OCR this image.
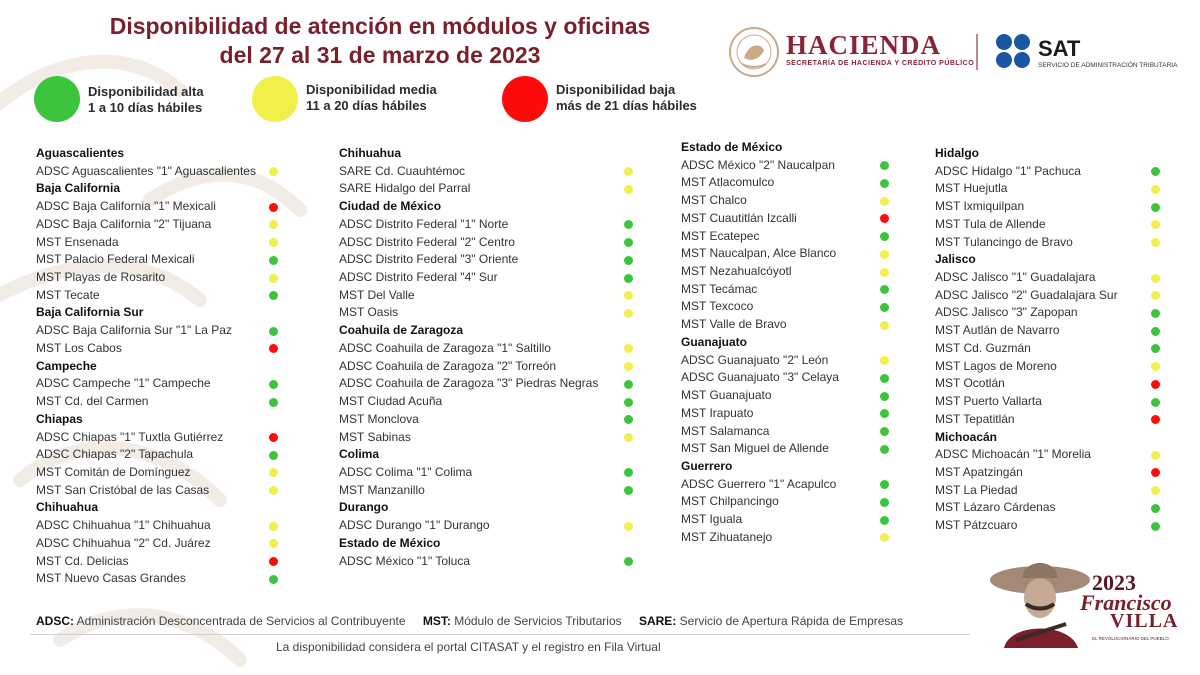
Disponibilidad de atención en módulos y oficinas
del 27 al 31 de marzo de 2023	HACIENDA
SECRETARÍA DE HACIENDA Y CRÉDITO PÚBLICO
SAT
SERVICIO DE ADMINISTRACIÓN TRIBUTARIA
Disponibilidad alta
1 a 10 días hábiles
Disponibilidad media
11 a 20 días hábiles
Disponibilidad baja
más de 21 días hábiles
Aguascalientes
ADSC Aguascalientes "1" Aguascalientes
Baja California
ADSC Baja California "1" Mexicali
ADSC Baja California "2" Tijuana
MST Ensenada
MST Palacio Federal Mexicali
MST Playas de Rosarito
MST Tecate
Baja California Sur
ADSC Baja California Sur "1" La Paz
MST Los Cabos
Campeche
ADSC Campeche "1" Campeche
MST Cd. del Carmen
Chiapas
ADSC Chiapas "1" Tuxtla Gutiérrez
ADSC Chiapas "2" Tapachula
MST Comitán de Domínguez
MST San Cristóbal de las Casas
Chihuahua
ADSC Chihuahua "1" Chihuahua
ADSC Chihuahua "2" Cd. Juárez
MST Cd. Delicias
MST Nuevo Casas Grandes
Chihuahua
SARE Cd. Cuauhtémoc
SARE Hidalgo del Parral
Ciudad de México
ADSC Distrito Federal "1" Norte
ADSC Distrito Federal "2" Centro
ADSC Distrito Federal "3" Oriente
ADSC Distrito Federal "4" Sur
MST Del Valle
MST Oasis
Coahuila de Zaragoza
ADSC Coahuila de Zaragoza "1" Saltillo
ADSC Coahuila de Zaragoza "2" Torreón
ADSC Coahuila de Zaragoza "3" Piedras Negras
MST Ciudad Acuña
MST Monclova
MST Sabinas
Colima
ADSC Colima "1" Colima
MST Manzanillo
Durango
ADSC Durango "1" Durango
Estado de México
ADSC México "1" Toluca
Estado de México
ADSC México "2" Naucalpan
MST Atlacomulco
MST Chalco
MST Cuautitlán Izcalli
MST Ecatepec
MST Naucalpan, Alce Blanco
MST Nezahualcóyotl
MST Tecámac
MST Texcoco
MST Valle de Bravo
Guanajuato
ADSC Guanajuato "2" León
ADSC Guanajuato "3" Celaya
MST Guanajuato
MST Irapuato
MST Salamanca
MST San Miguel de Allende
Guerrero
ADSC Guerrero "1" Acapulco
MST Chilpancingo
MST Iguala
MST Zihuatanejo
Hidalgo
ADSC Hidalgo "1" Pachuca
MST Huejutla
MST Ixmiquilpan
MST Tula de Allende
MST Tulancingo de Bravo
Jalisco
ADSC Jalisco "1" Guadalajara
ADSC Jalisco "2" Guadalajara Sur
ADSC Jalisco "3" Zapopan
MST Autlán de Navarro
MST Cd. Guzmán
MST Lagos de Moreno
MST Ocotlán
MST Puerto Vallarta
MST Tepatitlán
Michoacán
ADSC Michoacán "1" Morelia
MST Apatzingán
MST La Piedad
MST Lázaro Cárdenas
MST Pátzcuaro
ADSC: Administración Desconcentrada de Servicios al Contribuyente MST: Módulo de Servicios Tributarios SARE: Servicio de Apertura Rápida de Empresas
La disponibilidad considera el portal CITASAT y el registro en Fila Virtual
2023
Francisco
VILLA
EL REVOLUCIONARIO DEL PUEBLO
